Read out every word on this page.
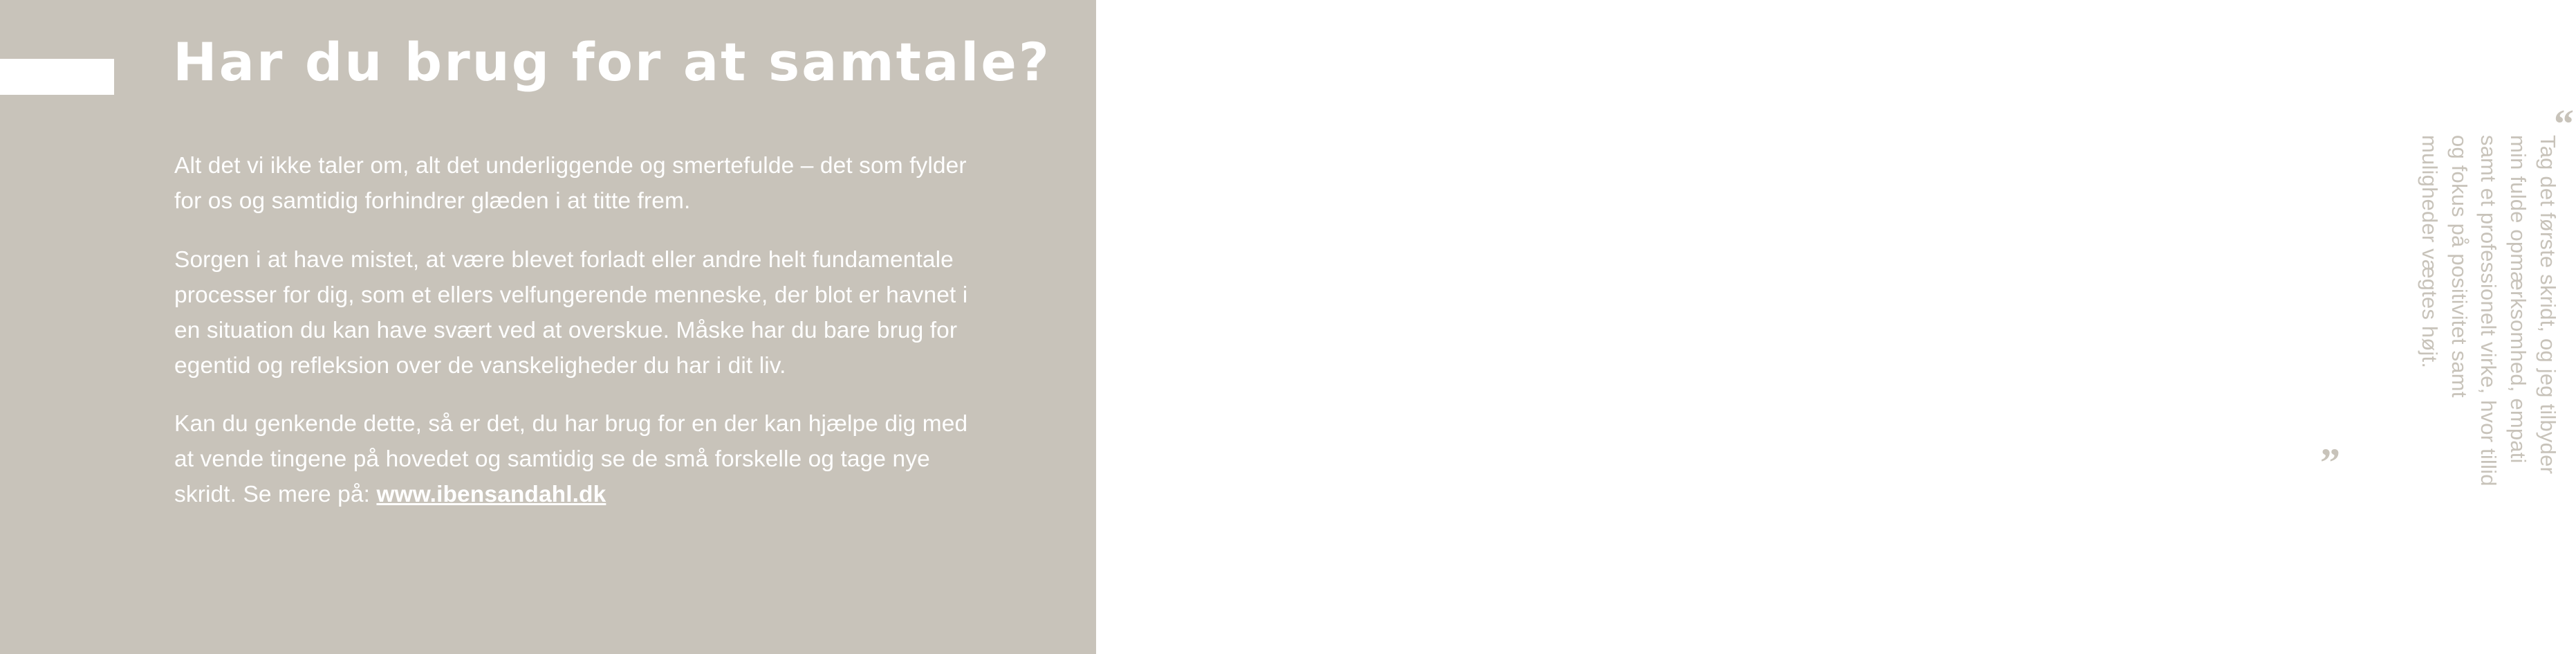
Har du brug for at samtale?

Alt det vi ikke taler om, alt det underliggende og smertefulde – det som fylder for os og samtidig forhindrer glæden i at titte frem.

Sorgen i at have mistet, at være blevet forladt eller andre helt fundamentale processer for dig, som et ellers velfungerende menneske, der blot er havnet i en situation du kan have svært ved at overskue. Måske har du bare brug for egentid og refleksion over de vanskeligheder du har i dit liv.

Kan du genkende dette, så er det, du har brug for en der kan hjælpe dig med at vende tingene på hovedet og samtidig se de små forskelle og tage nye skridt. Se mere på: www.ibensandahl.dk

“
Tag det første skridt, og jeg tilbyder min fulde opmærksomhed, empati samt et professionelt virke, hvor tillid og fokus på positivitet samt muligheder vægtes højt.
”
